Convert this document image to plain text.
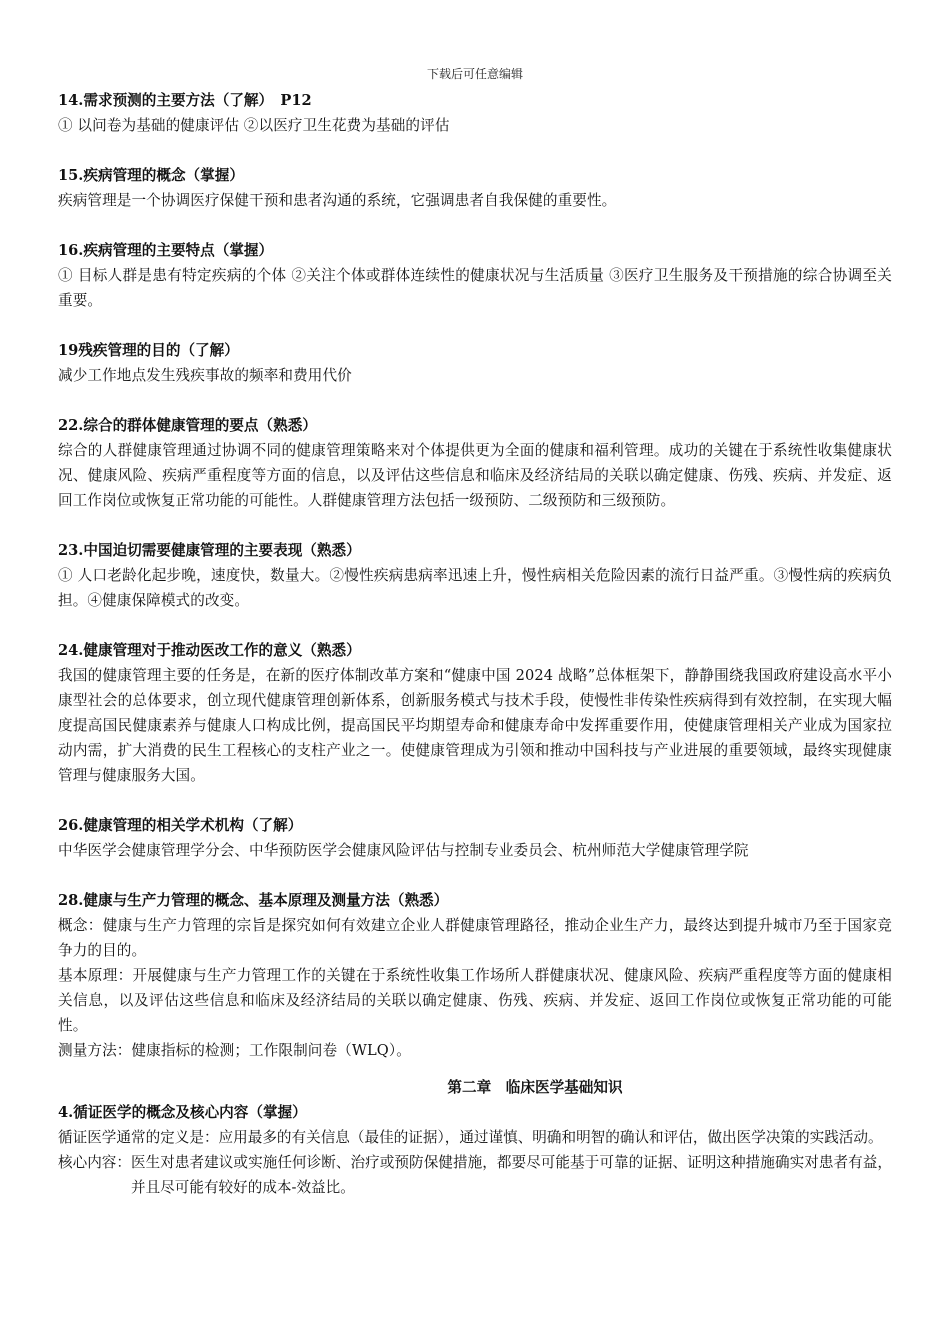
下载后可任意编辑
14.需求预测的主要方法（了解）　P12
① 以问卷为基础的健康评估 ②以医疗卫生花费为基础的评估
15.疾病管理的概念（掌握）
疾病管理是一个协调医疗保健干预和患者沟通的系统，它强调患者自我保健的重要性。
16.疾病管理的主要特点（掌握）
① 目标人群是患有特定疾病的个体 ②关注个体或群体连续性的健康状况与生活质量 ③医疗卫生服务及干预措施的综合协调至关重要。
19残疾管理的目的（了解）
减少工作地点发生残疾事故的频率和费用代价
22.综合的群体健康管理的要点（熟悉）
综合的人群健康管理通过协调不同的健康管理策略来对个体提供更为全面的健康和福利管理。成功的关键在于系统性收集健康状况、健康风险、疾病严重程度等方面的信息，以及评估这些信息和临床及经济结局的关联以确定健康、伤残、疾病、并发症、返回工作岗位或恢复正常功能的可能性。人群健康管理方法包括一级预防、二级预防和三级预防。
23.中国迫切需要健康管理的主要表现（熟悉）
① 人口老龄化起步晚，速度快，数量大。②慢性疾病患病率迅速上升，慢性病相关危险因素的流行日益严重。③慢性病的疾病负担。④健康保障模式的改变。
24.健康管理对于推动医改工作的意义（熟悉）
我国的健康管理主要的任务是，在新的医疗体制改革方案和“健康中国 2024 战略”总体框架下，静静围绕我国政府建设高水平小康型社会的总体要求，创立现代健康管理创新体系，创新服务模式与技术手段，使慢性非传染性疾病得到有效控制，在实现大幅度提高国民健康素养与健康人口构成比例，提高国民平均期望寿命和健康寿命中发挥重要作用，使健康管理相关产业成为国家拉动内需，扩大消费的民生工程核心的支柱产业之一。使健康管理成为引领和推动中国科技与产业进展的重要领域，最终实现健康管理与健康服务大国。
26.健康管理的相关学术机构（了解）
中华医学会健康管理学分会、中华预防医学会健康风险评估与控制专业委员会、杭州师范大学健康管理学院
28.健康与生产力管理的概念、基本原理及测量方法（熟悉）
概念：健康与生产力管理的宗旨是探究如何有效建立企业人群健康管理路径，推动企业生产力，最终达到提升城市乃至于国家竞争力的目的。
基本原理：开展健康与生产力管理工作的关键在于系统性收集工作场所人群健康状况、健康风险、疾病严重程度等方面的健康相关信息，以及评估这些信息和临床及经济结局的关联以确定健康、伤残、疾病、并发症、返回工作岗位或恢复正常功能的可能性。
测量方法：健康指标的检测；工作限制问卷（WLQ）。
第二章　临床医学基础知识
4.循证医学的概念及核心内容（掌握）
循证医学通常的定义是： 应用最多的有关信息（最佳的证据），通过谨慎、明确和明智的确认和评估，做出医学决策的实践活动。
核心内容： 医生对患者建议或实施任何诊断、治疗或预防保健措施，都要尽可能基于可靠的证据、证明这种措施确实对患者有益，并且尽可能有较好的成本-效益比。
